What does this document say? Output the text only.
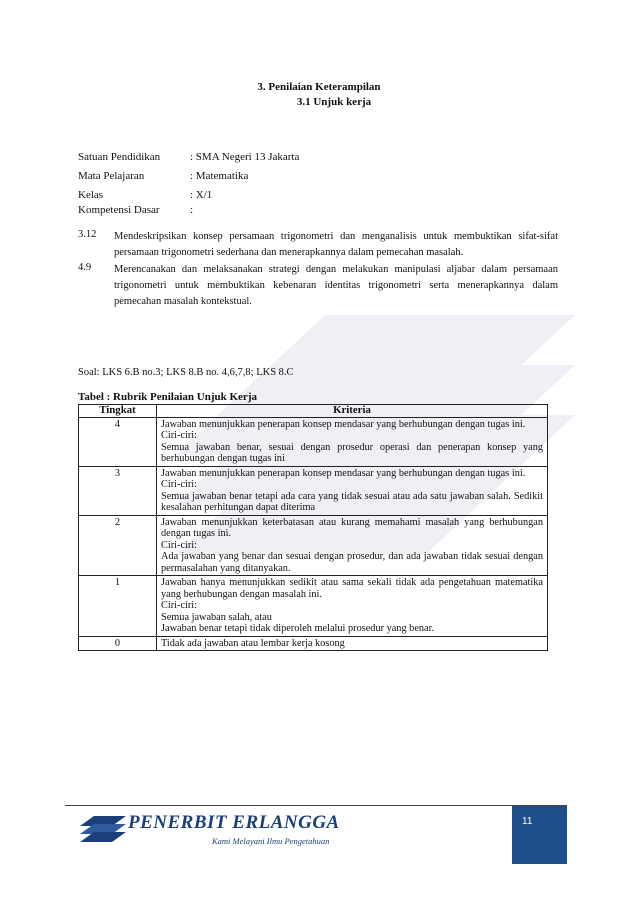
3. Penilaian Keterampilan
3.1 Unjuk kerja
Satuan Pendidikan	: SMA Negeri 13 Jakarta
Mata Pelajaran	: Matematika
Kelas	: X/1
Kompetensi Dasar	:
3.12 Mendeskripsikan konsep persamaan trigonometri dan menganalisis untuk membuktikan sifat-sifat persamaan trigonometri sederhana dan menerapkannya dalam pemecahan masalah.
4.9 Merencanakan dan melaksanakan strategi dengan melakukan manipulasi aljabar dalam persamaan trigonometri untuk membuktikan kebenaran identitas trigonometri serta menerapkannya dalam pemecahan masalah kontekstual.
Soal: LKS 6.B no.3; LKS 8.B no. 4,6,7,8; LKS 8.C
Tabel : Rubrik Penilaian Unjuk Kerja
Tingkat	Kriteria
4	Jawaban menunjukkan penerapan konsep mendasar yang berhubungan dengan tugas ini.
Ciri-ciri:
Semua jawaban benar, sesuai dengan prosedur operasi dan penerapan konsep yang berhubungan dengan tugas ini

3	Jawaban menunjukkan penerapan konsep mendasar yang berhubungan dengan tugas ini.
Ciri-ciri:
Semua jawaban benar tetapi ada cara yang tidak sesuai atau ada satu jawaban salah. Sedikit kesalahan perhitungan dapat diterima

2	Jawaban menunjukkan keterbatasan atau kurang memahami masalah yang berhubungan dengan tugas ini.
Ciri-ciri:
Ada jawaban yang benar dan sesuai dengan prosedur, dan ada jawaban tidak sesuai dengan permasalahan yang ditanyakan.

1	Jawaban hanya menunjukkan sedikit atau sama sekali tidak ada pengetahuan matematika yang berhubungan dengan masalah ini.
Ciri-ciri:
Semua jawaban salah, atau
Jawaban benar tetapi tidak diperoleh melalui prosedur yang benar.

0	Tidak ada jawaban atau lembar kerja kosong
PENERBIT ERLANGGA
Kami Melayani Ilmu Pengetahuan
11
